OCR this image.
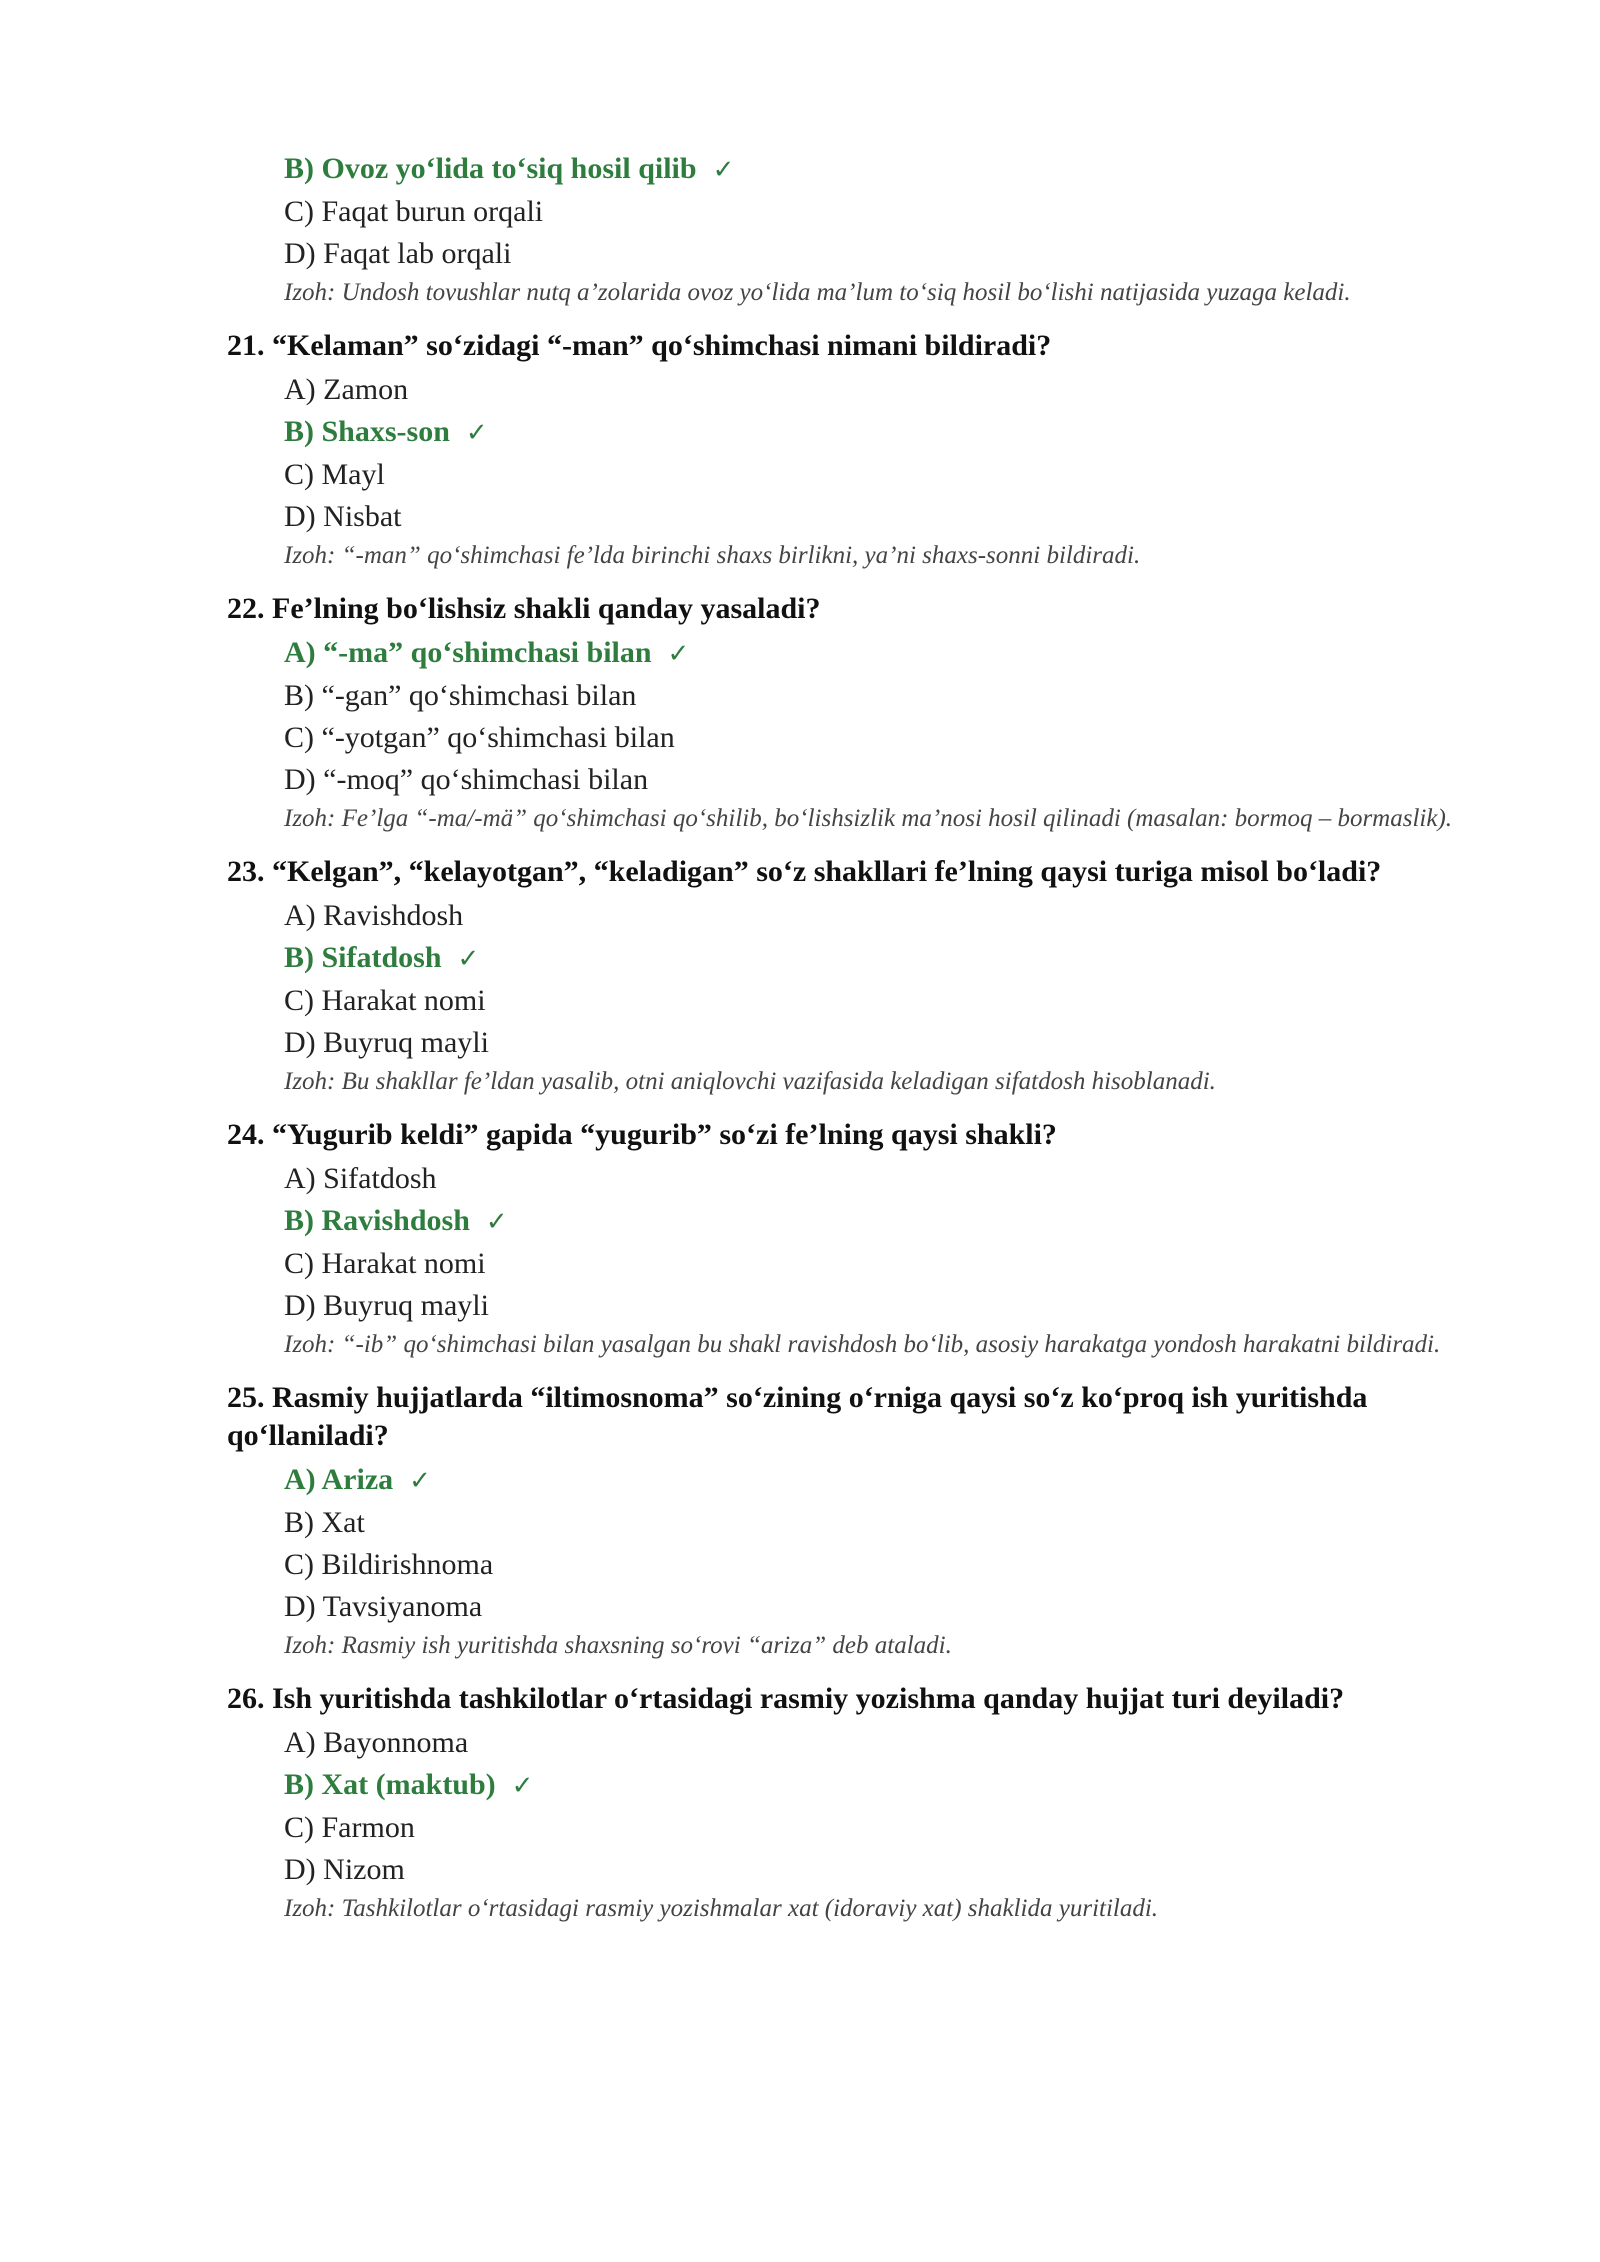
B) Ovoz yo‘lida to‘siq hosil qilib ✓
C) Faqat burun orqali
D) Faqat lab orqali
Izoh: Undosh tovushlar nutq a’zolarida ovoz yo‘lida ma’lum to‘siq hosil bo‘lishi natijasida yuzaga keladi.
21. “Kelaman” so‘zidagi “-man” qo‘shimchasi nimani bildiradi?
A) Zamon
B) Shaxs-son ✓
C) Mayl
D) Nisbat
Izoh: “-man” qo‘shimchasi fe’lda birinchi shaxs birlikni, ya’ni shaxs-sonni bildiradi.
22. Fe’lning bo‘lishsiz shakli qanday yasaladi?
A) “-ma” qo‘shimchasi bilan ✓
B) “-gan” qo‘shimchasi bilan
C) “-yotgan” qo‘shimchasi bilan
D) “-moq” qo‘shimchasi bilan
Izoh: Fe’lga “-ma/-mä” qo‘shimchasi qo‘shilib, bo‘lishsizlik ma’nosi hosil qilinadi (masalan: bormoq – bormaslik).
23. “Kelgan”, “kelayotgan”, “keladigan” so‘z shakllari fe’lning qaysi turiga misol bo‘ladi?
A) Ravishdosh
B) Sifatdosh ✓
C) Harakat nomi
D) Buyruq mayli
Izoh: Bu shakllar fe’ldan yasalib, otni aniqlovchi vazifasida keladigan sifatdosh hisoblanadi.
24. “Yugurib keldi” gapida “yugurib” so‘zi fe’lning qaysi shakli?
A) Sifatdosh
B) Ravishdosh ✓
C) Harakat nomi
D) Buyruq mayli
Izoh: “-ib” qo‘shimchasi bilan yasalgan bu shakl ravishdosh bo‘lib, asosiy harakatga yondosh harakatni bildiradi.
25. Rasmiy hujjatlarda “iltimosnoma” so‘zining o‘rniga qaysi so‘z ko‘proq ish yuritishda qo‘llaniladi?
A) Ariza ✓
B) Xat
C) Bildirishnoma
D) Tavsiyanoma
Izoh: Rasmiy ish yuritishda shaxsning so‘rovi “ariza” deb ataladi.
26. Ish yuritishda tashkilotlar o‘rtasidagi rasmiy yozishma qanday hujjat turi deyiladi?
A) Bayonnoma
B) Xat (maktub) ✓
C) Farmon
D) Nizom
Izoh: Tashkilotlar o‘rtasidagi rasmiy yozishmalar xat (idoraviy xat) shaklida yuritiladi.
